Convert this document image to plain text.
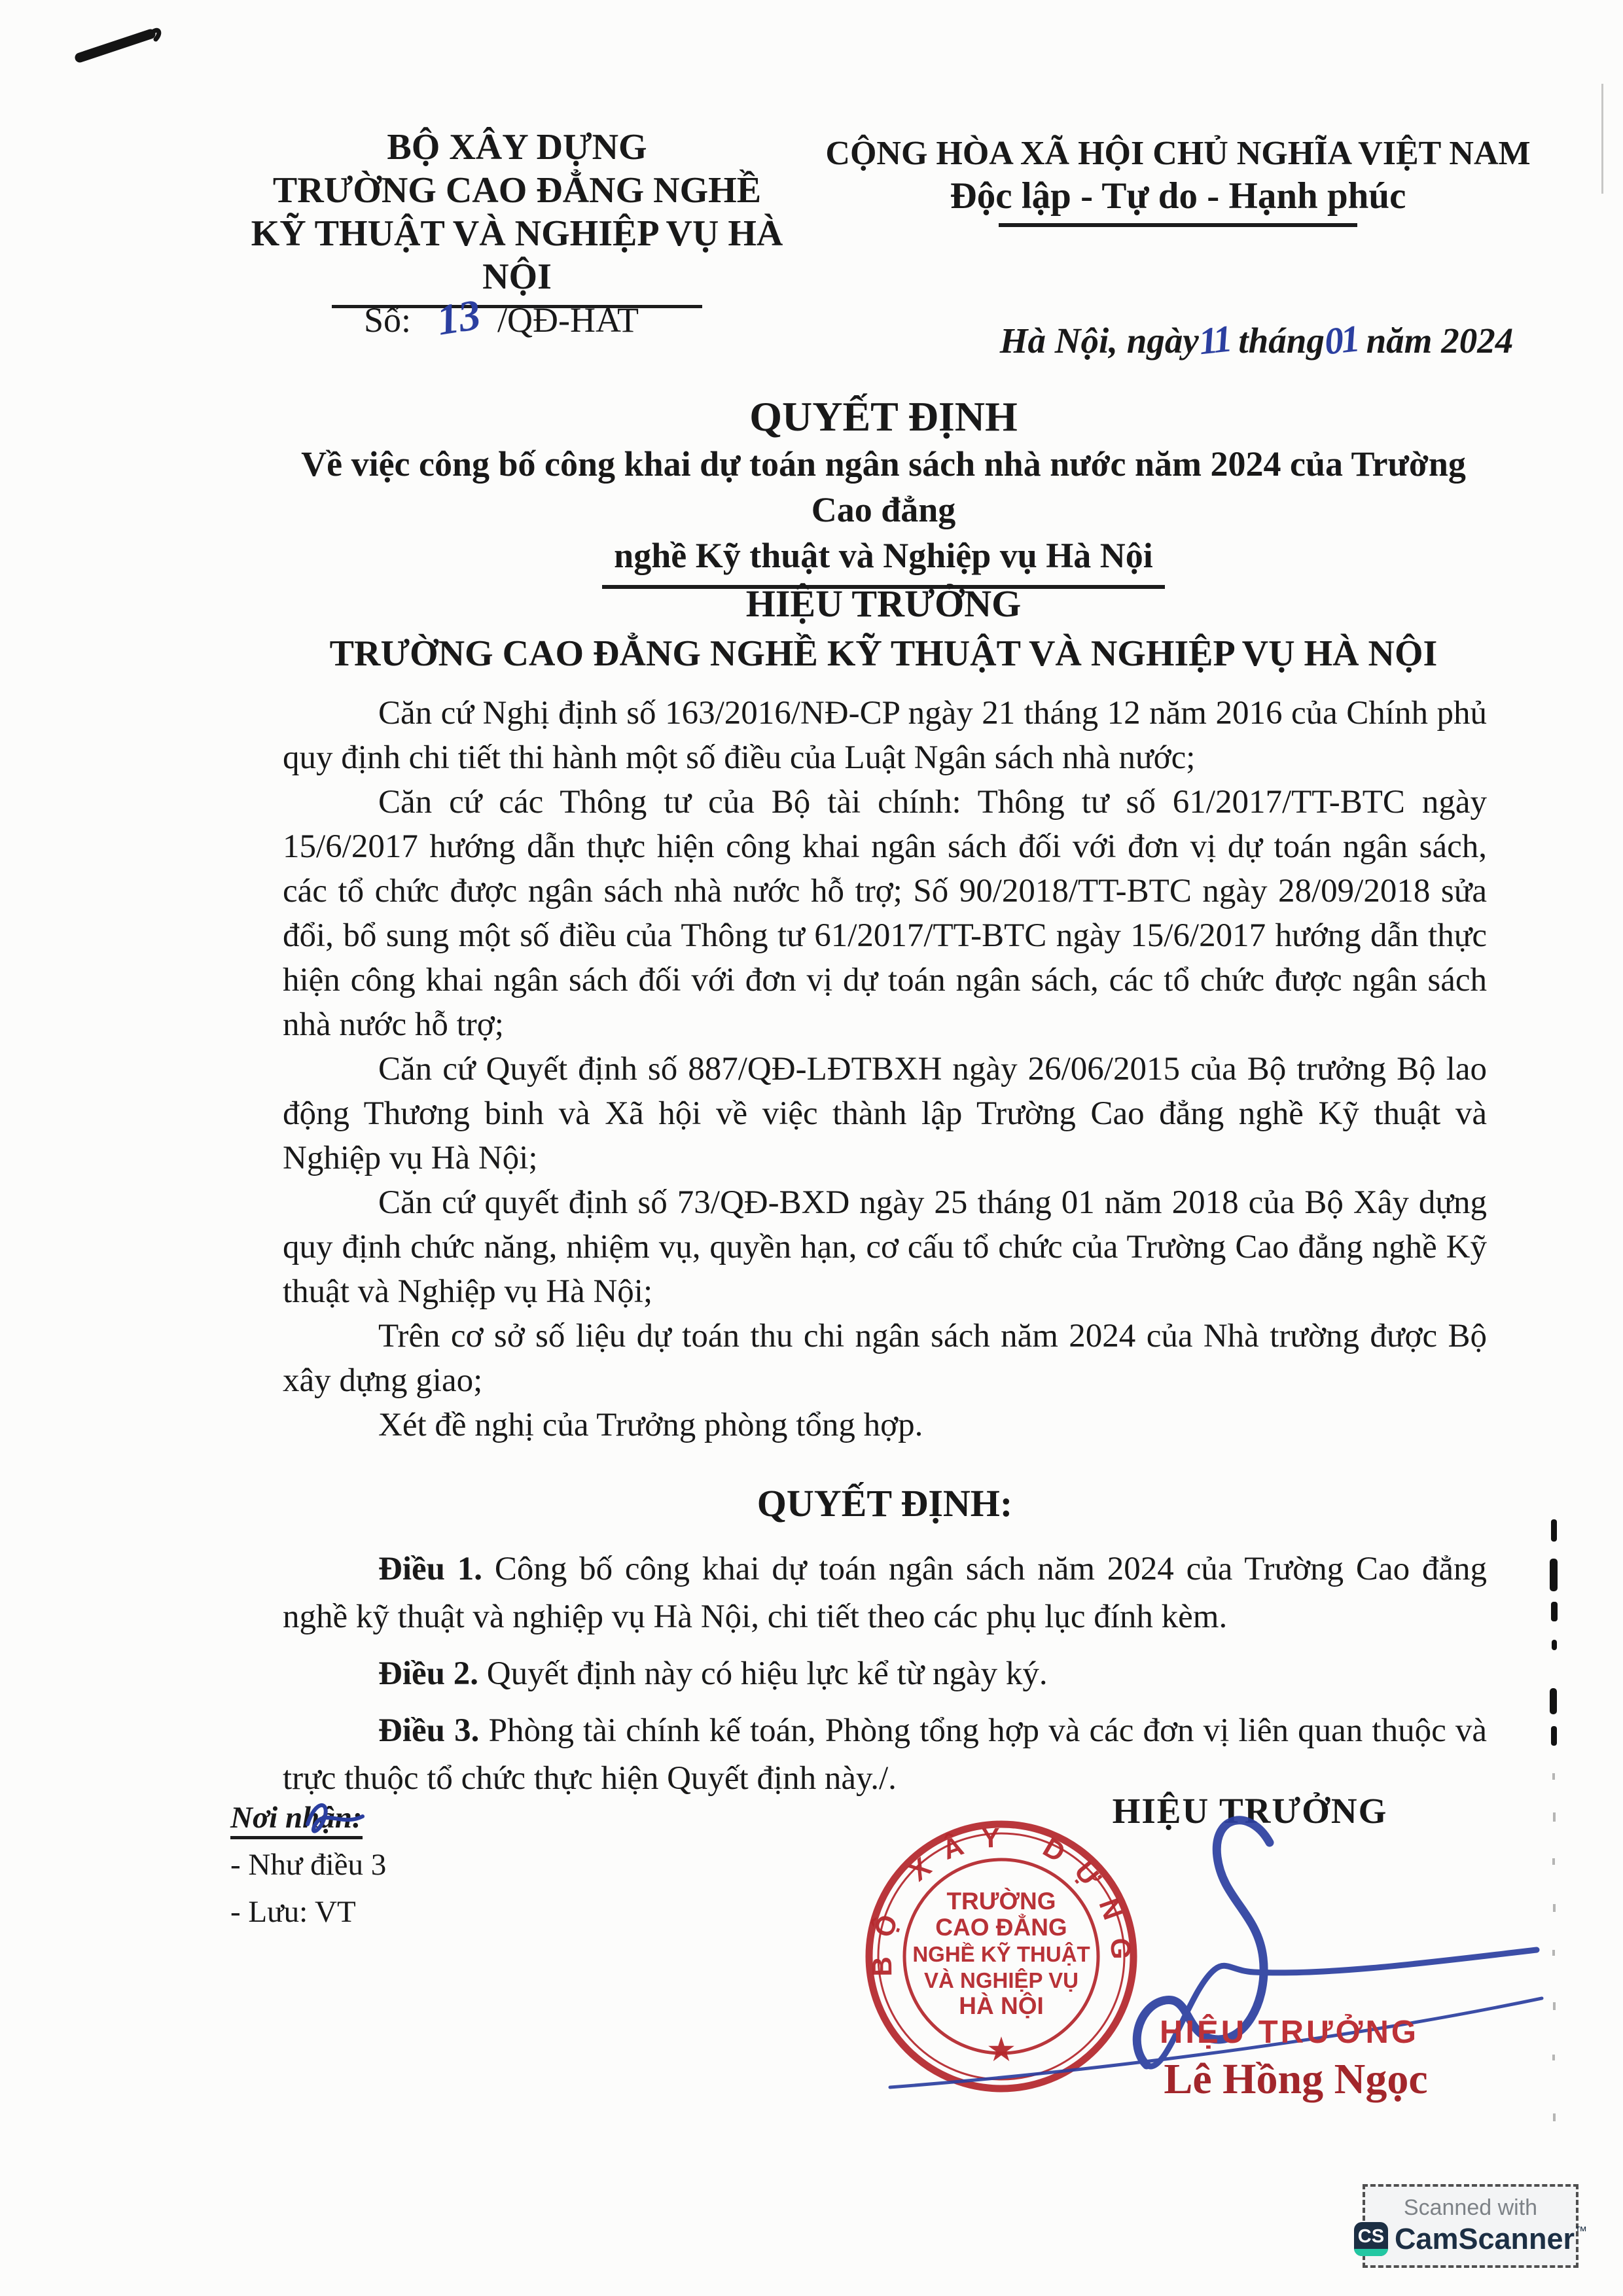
BỘ XÂY DỰNG
TRƯỜNG CAO ĐẲNG NGHỀ
KỸ THUẬT VÀ NGHIỆP VỤ HÀ NỘI
CỘNG HÒA XÃ HỘI CHỦ NGHĨA VIỆT NAM
Độc lập - Tự do - Hạnh phúc
Số: 13 /QĐ-HAT
Hà Nội, ngày11 tháng01 năm 2024
QUYẾT ĐỊNH
Về việc công bố công khai dự toán ngân sách nhà nước năm 2024 của Trường Cao đẳng
nghề Kỹ thuật và Nghiệp vụ Hà Nội
HIỆU TRƯỞNG
TRƯỜNG CAO ĐẲNG NGHỀ KỸ THUẬT VÀ NGHIỆP VỤ HÀ NỘI

Căn cứ Nghị định số 163/2016/NĐ-CP ngày 21 tháng 12 năm 2016 của Chính phủ quy định chi tiết thi hành một số điều của Luật Ngân sách nhà nước;

Căn cứ các Thông tư của Bộ tài chính: Thông tư số 61/2017/TT-BTC ngày 15/6/2017 hướng dẫn thực hiện công khai ngân sách đối với đơn vị dự toán ngân sách, các tổ chức được ngân sách nhà nước hỗ trợ; Số 90/2018/TT-BTC ngày 28/09/2018 sửa đổi, bổ sung một số điều của Thông tư 61/2017/TT-BTC ngày 15/6/2017 hướng dẫn thực hiện công khai ngân sách đối với đơn vị dự toán ngân sách, các tổ chức được ngân sách nhà nước hỗ trợ;

Căn cứ Quyết định số 887/QĐ-LĐTBXH ngày 26/06/2015 của Bộ trưởng Bộ lao động Thương binh và Xã hội về việc thành lập Trường Cao đẳng nghề Kỹ thuật và Nghiệp vụ Hà Nội;

Căn cứ quyết định số 73/QĐ-BXD ngày 25 tháng 01 năm 2018 của Bộ Xây dựng quy định chức năng, nhiệm vụ, quyền hạn, cơ cấu tổ chức của Trường Cao đẳng nghề Kỹ thuật và Nghiệp vụ Hà Nội;

Trên cơ sở số liệu dự toán thu chi ngân sách năm 2024 của Nhà trường được Bộ xây dựng giao;

Xét đề nghị của Trưởng phòng tổng hợp.

QUYẾT ĐỊNH:

Điều 1. Công bố công khai dự toán ngân sách năm 2024 của Trường Cao đẳng nghề kỹ thuật và nghiệp vụ Hà Nội, chi tiết theo các phụ lục đính kèm.

Điều 2. Quyết định này có hiệu lực kể từ ngày ký.

Điều 3. Phòng tài chính kế toán, Phòng tổng hợp và các đơn vị liên quan thuộc và trực thuộc tổ chức thực hiện Quyết định này./.

Nơi nhận:
- Như điều 3
- Lưu: VT
HIỆU TRƯỞNG
BỘ XÂY DỰNG
TRƯỜNG
CAO ĐẲNG
NGHỀ KỸ THUẬT
VÀ NGHIỆP VỤ
HÀ NỘI
★	HIỆU TRƯỞNG
Lê Hồng Ngọc
Scanned with
CS CamScanner™
